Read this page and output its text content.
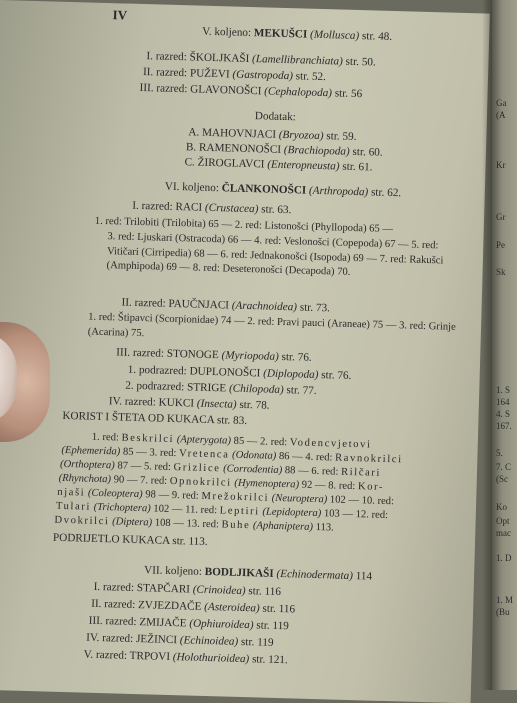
IV
V. koljeno: MEKUŠCI (Mollusca) str. 48.
I. razred: ŠKOLJKAŠI (Lamellibranchiata) str. 50.
II. razred: PUŽEVI (Gastropoda) str. 52.
III. razred: GLAVONOŠCI (Cephalopoda) str. 56
Dodatak:
A. MAHOVNJACI (Bryozoa) str. 59.
B. RAMENONOŠCI (Brachiopoda) str. 60.
C. ŽIROGLAVCI (Enteropneusta) str. 61.
VI. koljeno: ČLANKONOŠCI (Arthropoda) str. 62.
I. razred: RACI (Crustacea) str. 63.
1. red: Trilobiti (Trilobita) 65 — 2. red: Listonošci (Phyllopoda) 65 —
3. red: Ljuskari (Ostracoda) 66 — 4. red: Veslonošci (Copepoda) 67 — 5. red: Vitičari (Cirripedia) 68 — 6. red: Jednakonošci (Isopoda) 69 — 7. red: Rakušci (Amphipoda) 69 — 8. red: Deseteronošci (Decapoda) 70.
II. razred: PAUČNJACI (Arachnoidea) str. 73.
1. red: Štipavci (Scorpionidae) 74 — 2. red: Pravi pauci (Araneae) 75 — 3. red: Grinje (Acarina) 75.
III. razred: STONOGE (Myriopoda) str. 76.
1. podrazred: DUPLONOŠCI (Diplopoda) str. 76.
2. podrazred: STRIGE (Chilopoda) str. 77.
IV. razred: KUKCI (Insecta) str. 78.
KORIST I ŠTETA OD KUKACA str. 83.
1. red: Beskrilci (Apterygota) 85 — 2. red: Vodencvjetovi
(Ephemerida) 85 — 3. red: Vretenca (Odonata) 86 — 4. red: Ravnokrilci
(Orthoptera) 87 — 5. red: Grizlice (Corrodentia) 88 — 6. red: Rilčari
(Rhynchota) 90 — 7. red: Opnokrilci (Hymenoptera) 92 — 8. red: Kor-
njaši (Coleoptera) 98 — 9. red: Mrežokrilci (Neuroptera) 102 — 10. red:
Tulari (Trichoptera) 102 — 11. red: Leptiri (Lepidoptera) 103 — 12. red:
Dvokrilci (Diptera) 108 — 13. red: Buhe (Aphaniptera) 113.
PODRIJETLO KUKACA str. 113.
VII. koljeno: BODLJIKAŠI (Echinodermata) 114
I. razred: STAPČARI (Crinoidea) str. 116
II. razred: ZVJEZDAČE (Asteroidea) str. 116
III. razred: ZMIJAČE (Ophiuroidea) str. 119
IV. razred: JEŽINCI (Echinoidea) str. 119
V. razred: TRPOVI (Holothurioidea) str. 121.
Ga
(A
Kr
Gr
Pe
Sk
1. S
164
4. S
167.
5.
7. C
(Sc
Ko
Opt
mac
1. D
1. M
(Bu
